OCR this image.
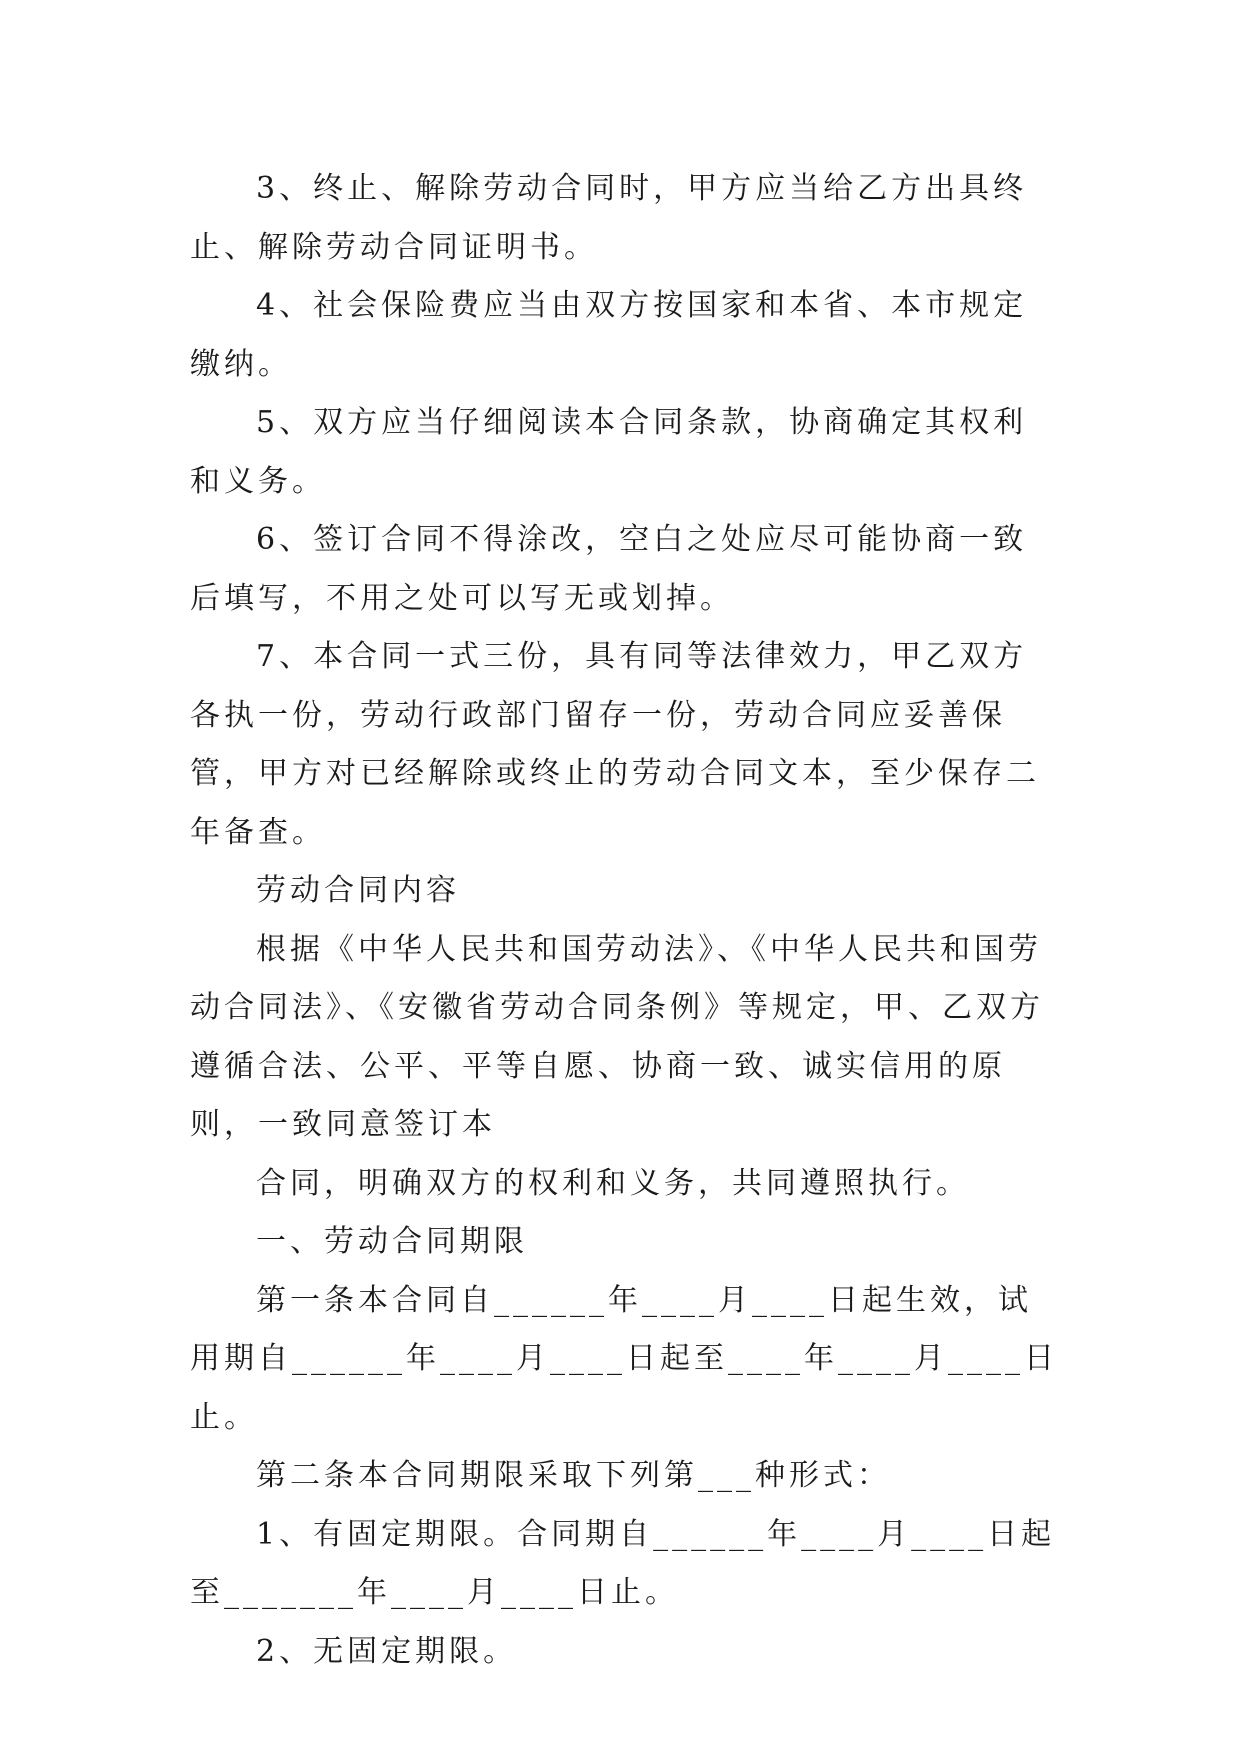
3、终止、解除劳动合同时，甲方应当给乙方出具终止、解除劳动合同证明书。

4、社会保险费应当由双方按国家和本省、本市规定缴纳。

5、双方应当仔细阅读本合同条款，协商确定其权利和义务。

6、签订合同不得涂改，空白之处应尽可能协商一致后填写，不用之处可以写无或划掉。

7、本合同一式三份，具有同等法律效力，甲乙双方各执一份，劳动行政部门留存一份，劳动合同应妥善保管，甲方对已经解除或终止的劳动合同文本，至少保存二年备查。

劳动合同内容

根据《中华人民共和国劳动法》、《中华人民共和国劳动合同法》、《安徽省劳动合同条例》等规定，甲、乙双方遵循合法、公平、平等自愿、协商一致、诚实信用的原则，一致同意签订本

合同，明确双方的权利和义务，共同遵照执行。

一、劳动合同期限

第一条本合同自______年____月____日起生效，试用期自______年____月____日起至____年____月____日止。

第二条本合同期限采取下列第___种形式：

1、有固定期限。合同期自______年____月____日起至_______年____月____日止。

2、无固定期限。
